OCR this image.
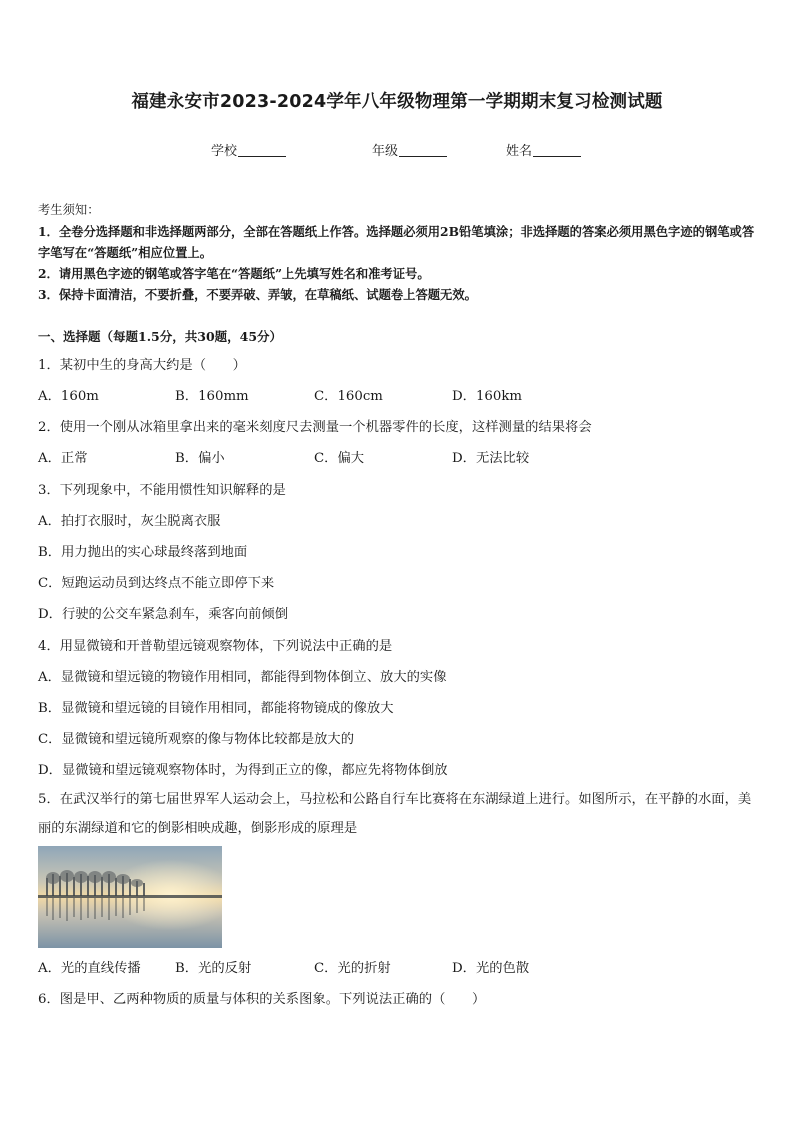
福建永安市2023-2024学年八年级物理第一学期期末复习检测试题
学校	年级	姓名
考生须知：
1．全卷分选择题和非选择题两部分，全部在答题纸上作答。选择题必须用2B铅笔填涂；非选择题的答案必须用黑色字迹的钢笔或答字笔写在“答题纸”相应位置上。
2．请用黑色字迹的钢笔或答字笔在“答题纸”上先填写姓名和准考证号。
3．保持卡面清洁，不要折叠，不要弄破、弄皱，在草稿纸、试题卷上答题无效。
一、选择题（每题1.5分，共30题，45分）
1．某初中生的身高大约是（　　）
A．160m	B．160mm	C．160cm	D．160km
2．使用一个刚从冰箱里拿出来的毫米刻度尺去测量一个机器零件的长度，这样测量的结果将会
A．正常	B．偏小	C．偏大	D．无法比较
3．下列现象中，不能用惯性知识解释的是
A．拍打衣服时，灰尘脱离衣服
B．用力抛出的实心球最终落到地面
C．短跑运动员到达终点不能立即停下来
D．行驶的公交车紧急刹车，乘客向前倾倒
4．用显微镜和开普勒望远镜观察物体，下列说法中正确的是
A．显微镜和望远镜的物镜作用相同，都能得到物体倒立、放大的实像
B．显微镜和望远镜的目镜作用相同，都能将物镜成的像放大
C．显微镜和望远镜所观察的像与物体比较都是放大的
D．显微镜和望远镜观察物体时，为得到正立的像，都应先将物体倒放
5．在武汉举行的第七届世界军人运动会上，马拉松和公路自行车比赛将在东湖绿道上进行。如图所示，在平静的水面，美丽的东湖绿道和它的倒影相映成趣，倒影形成的原理是
A．光的直线传播	B．光的反射	C．光的折射	D．光的色散
6．图是甲、乙两种物质的质量与体积的关系图象。下列说法正确的（　　）
